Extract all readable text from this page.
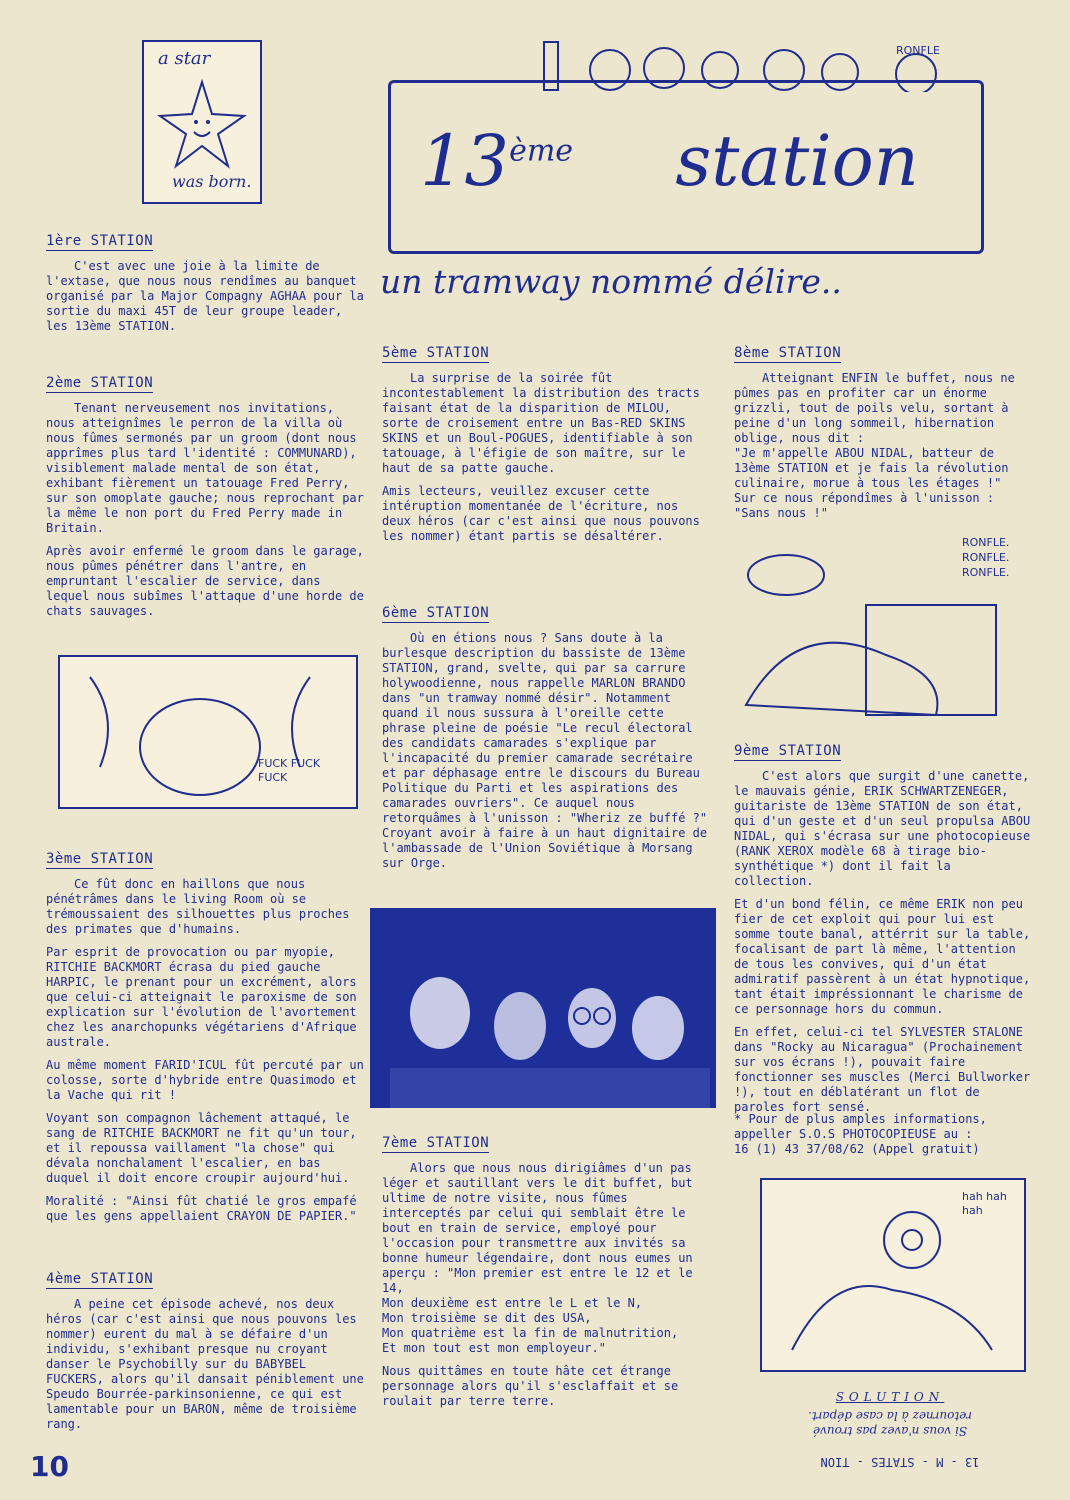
a star
was born.
RONFLE
13ème station
un tramway nommé délire..
1ère STATION
C'est avec une joie à la limite de l'extase, que nous nous rendîmes au banquet organisé par la Major Compagny AGHAA pour la sortie du maxi 45T de leur groupe leader, les 13ème STATION.
2ème STATION
Tenant nerveusement nos invitations, nous atteignîmes le perron de la villa où nous fûmes sermonés par un groom (dont nous apprîmes plus tard l'identité : COMMUNARD), visiblement malade mental de son état, exhibant fièrement un tatouage Fred Perry, sur son omoplate gauche; nous reprochant par la même le non port du Fred Perry made in Britain.
Après avoir enfermé le groom dans le garage, nous pûmes pénétrer dans l'antre, en empruntant l'escalier de service, dans lequel nous subîmes l'attaque d'une horde de chats sauvages.
FUCK FUCK FUCK
3ème STATION
Ce fût donc en haillons que nous pénétrâmes dans le living Room où se trémoussaient des silhouettes plus proches des primates que d'humains.
Par esprit de provocation ou par myopie, RITCHIE BACKMORT écrasa du pied gauche HARPIC, le prenant pour un excrément, alors que celui-ci atteignait le paroxisme de son explication sur l'évolution de l'avortement chez les anarchopunks végétariens d'Afrique australe.
Au même moment FARID'ICUL fût percuté par un colosse, sorte d'hybride entre Quasimodo et la Vache qui rit !
Voyant son compagnon lâchement attaqué, le sang de RITCHIE BACKMORT ne fit qu'un tour, et il repoussa vaillament "la chose" qui dévala nonchalament l'escalier, en bas duquel il doit encore croupir aujourd'hui.
Moralité : "Ainsi fût chatié le gros empafé que les gens appellaient CRAYON DE PAPIER."
4ème STATION
A peine cet épisode achevé, nos deux héros (car c'est ainsi que nous pouvons les nommer) eurent du mal à se défaire d'un individu, s'exhibant presque nu croyant danser le Psychobilly sur du BABYBEL FUCKERS, alors qu'il dansait péniblement une Speudo Bourrée-parkinsonienne, ce qui est lamentable pour un BARON, même de troisième rang.
10
5ème STATION
La surprise de la soirée fût incontestablement la distribution des tracts faisant état de la disparition de MILOU, sorte de croisement entre un Bas-RED SKINS SKINS et un Boul-POGUES, identifiable à son tatouage, à l'éfigie de son maître, sur le haut de sa patte gauche.
Amis lecteurs, veuillez excuser cette intéruption momentanée de l'écriture, nos deux héros (car c'est ainsi que nous pouvons les nommer) étant partis se désaltérer.
6ème STATION
Où en étions nous ? Sans doute à la burlesque description du bassiste de 13ème STATION, grand, svelte, qui par sa carrure holywoodienne, nous rappelle MARLON BRANDO dans "un tramway nommé désir". Notamment quand il nous sussura à l'oreille cette phrase pleine de poésie "Le recul électoral des candidats camarades s'explique par l'incapacité du premier camarade secrétaire et par déphasage entre le discours du Bureau Politique du Parti et les aspirations des camarades ouvriers". Ce auquel nous retorquâmes à l'unisson : "Wheriz ze buffé ?" Croyant avoir à faire à un haut dignitaire de l'ambassade de l'Union Soviétique à Morsang sur Orge.
7ème STATION
Alors que nous nous dirigiâmes d'un pas léger et sautillant vers le dit buffet, but ultime de notre visite, nous fûmes interceptés par celui qui semblait être le bout en train de service, employé pour l'occasion pour transmettre aux invités sa bonne humeur légendaire, dont nous eumes un aperçu : "Mon premier est entre le 12 et le 14,
Mon deuxième est entre le L et le N,
Mon troisième se dit des USA,
Mon quatrième est la fin de malnutrition,
Et mon tout est mon employeur."
Nous quittâmes en toute hâte cet étrange personnage alors qu'il s'esclaffait et se roulait par terre terre.
8ème STATION
Atteignant ENFIN le buffet, nous ne pûmes pas en profiter car un énorme grizzli, tout de poils velu, sortant à peine d'un long sommeil, hibernation oblige, nous dit :
"Je m'appelle ABOU NIDAL, batteur de 13ème STATION et je fais la révolution culinaire, morue à tous les étages !"
Sur ce nous répondîmes à l'unisson :
"Sans nous !"
RONFLE. RONFLE. RONFLE.
9ème STATION
C'est alors que surgit d'une canette, le mauvais génie, ERIK SCHWARTZENEGER, guitariste de 13ème STATION de son état, qui d'un geste et d'un seul propulsa ABOU NIDAL, qui s'écrasa sur une photocopieuse (RANK XEROX modèle 68 à tirage bio-synthétique *) dont il fait la collection.
Et d'un bond félin, ce même ERIK non peu fier de cet exploit qui pour lui est somme toute banal, attérrit sur la table, focalisant de part là même, l'attention de tous les convives, qui d'un état admiratif passèrent à un état hypnotique, tant était impréssionnant le charisme de ce personnage hors du commun.
En effet, celui-ci tel SYLVESTER STALONE dans "Rocky au Nicaragua" (Prochainement sur vos écrans !), pouvait faire fonctionner ses muscles (Merci Bullworker !), tout en déblatérant un flot de paroles fort sensé.
* Pour de plus amples informations, appeller S.O.S PHOTOCOPIEUSE au :
16 (1) 43 37/08/62 (Appel gratuit)
hah hah hah
SOLUTION
Si vous n'avez pas trouvé
retournez à la case départ.
13 - M - STATES - TION
